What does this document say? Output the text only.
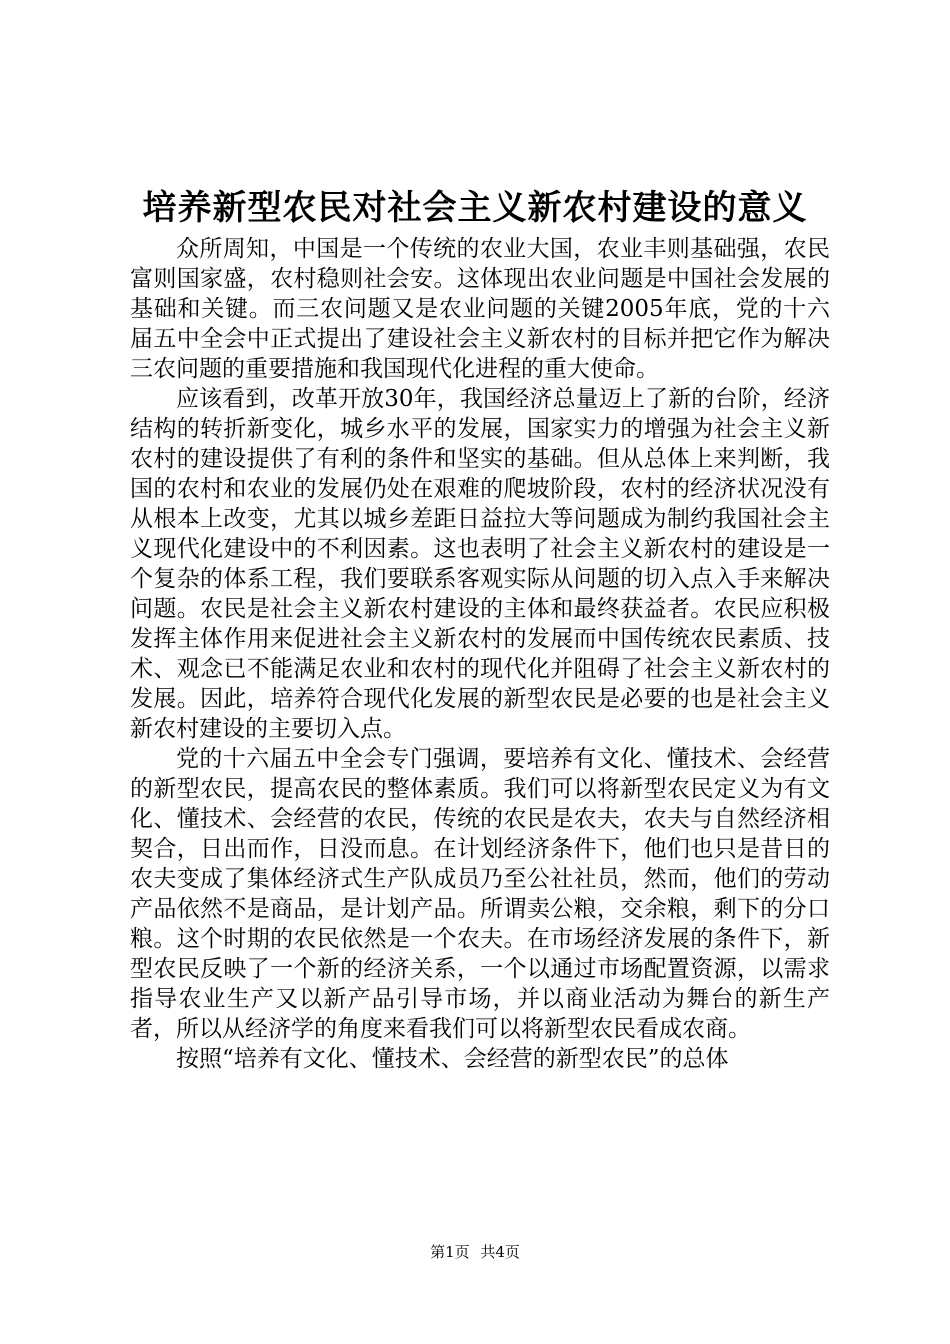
培养新型农民对社会主义新农村建设的意义

众所周知，中国是一个传统的农业大国，农业丰则基础强，农民富则国家盛，农村稳则社会安。这体现出农业问题是中国社会发展的基础和关键。而三农问题又是农业问题的关键2005年底，党的十六届五中全会中正式提出了建设社会主义新农村的目标并把它作为解决三农问题的重要措施和我国现代化进程的重大使命。

应该看到，改革开放30年，我国经济总量迈上了新的台阶，经济结构的转折新变化，城乡水平的发展，国家实力的增强为社会主义新农村的建设提供了有利的条件和坚实的基础。但从总体上来判断，我国的农村和农业的发展仍处在艰难的爬坡阶段，农村的经济状况没有从根本上改变，尤其以城乡差距日益拉大等问题成为制约我国社会主义现代化建设中的不利因素。这也表明了社会主义新农村的建设是一个复杂的体系工程，我们要联系客观实际从问题的切入点入手来解决问题。农民是社会主义新农村建设的主体和最终获益者。农民应积极发挥主体作用来促进社会主义新农村的发展而中国传统农民素质、技术、观念已不能满足农业和农村的现代化并阻碍了社会主义新农村的发展。因此，培养符合现代化发展的新型农民是必要的也是社会主义新农村建设的主要切入点。

党的十六届五中全会专门强调，要培养有文化、懂技术、会经营的新型农民，提高农民的整体素质。我们可以将新型农民定义为有文化、懂技术、会经营的农民，传统的农民是农夫，农夫与自然经济相契合，日出而作，日没而息。在计划经济条件下，他们也只是昔日的农夫变成了集体经济式生产队成员乃至公社社员，然而，他们的劳动产品依然不是商品，是计划产品。所谓卖公粮，交余粮，剩下的分口粮。这个时期的农民依然是一个农夫。在市场经济发展的条件下，新型农民反映了一个新的经济关系，一个以通过市场配置资源，以需求指导农业生产又以新产品引导市场，并以商业活动为舞台的新生产者，所以从经济学的角度来看我们可以将新型农民看成农商。

按照“培养有文化、懂技术、会经营的新型农民”的总体

第1页 共4页
